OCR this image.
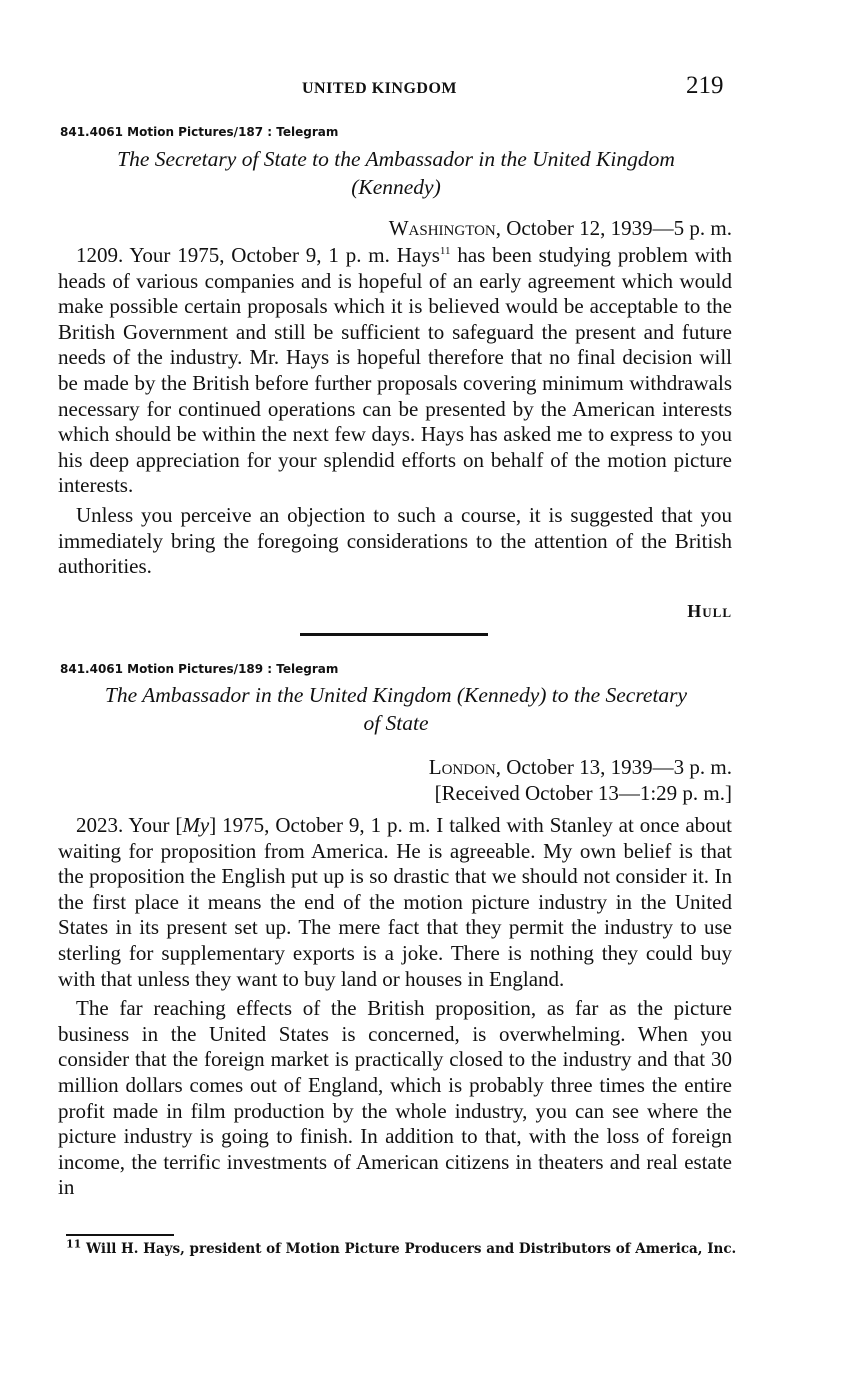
UNITED KINGDOM	219
841.4061 Motion Pictures/187 : Telegram
The Secretary of State to the Ambassador in the United Kingdom
(Kennedy)
Washington, October 12, 1939—5 p. m.

1209. Your 1975, October 9, 1 p. m. Hays$^{11}$ has been studying problem with heads of various companies and is hopeful of an early agreement which would make possible certain proposals which it is believed would be acceptable to the British Government and still be sufficient to safeguard the present and future needs of the industry. Mr. Hays is hopeful therefore that no final decision will be made by the British before further proposals covering minimum withdrawals necessary for continued operations can be presented by the American interests which should be within the next few days. Hays has asked me to express to you his deep appreciation for your splendid efforts on behalf of the motion picture interests.

Unless you perceive an objection to such a course, it is suggested that you immediately bring the foregoing considerations to the attention of the British authorities.

Hull
841.4061 Motion Pictures/189 : Telegram
The Ambassador in the United Kingdom (Kennedy) to the Secretary
of State
London, October 13, 1939—3 p. m.
[Received October 13—1:29 p. m.]

2023. Your [My] 1975, October 9, 1 p. m. I talked with Stanley at once about waiting for proposition from America. He is agreeable. My own belief is that the proposition the English put up is so drastic that we should not consider it. In the first place it means the end of the motion picture industry in the United States in its present set up. The mere fact that they permit the industry to use sterling for supplementary exports is a joke. There is nothing they could buy with that unless they want to buy land or houses in England.

The far reaching effects of the British proposition, as far as the picture business in the United States is concerned, is overwhelming. When you consider that the foreign market is practically closed to the industry and that 30 million dollars comes out of England, which is probably three times the entire profit made in film production by the whole industry, you can see where the picture industry is going to finish. In addition to that, with the loss of foreign income, the terrific investments of American citizens in theaters and real estate in

$^{11}$ Will H. Hays, president of Motion Picture Producers and Distributors of America, Inc.
